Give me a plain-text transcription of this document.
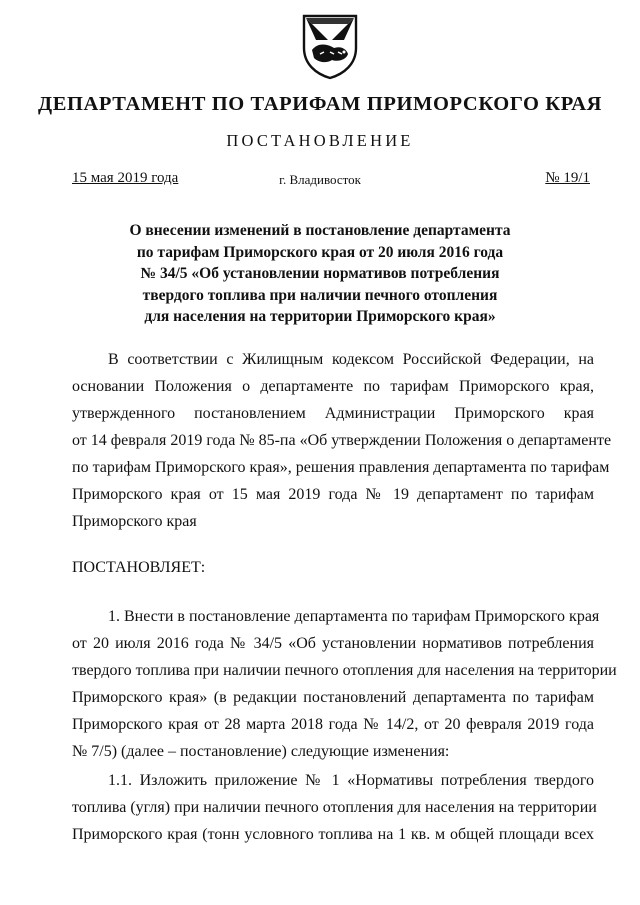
ДЕПАРТАМЕНТ ПО ТАРИФАМ ПРИМОРСКОГО КРАЯ
ПОСТАНОВЛЕНИЕ
15 мая 2019 года	г. Владивосток	№ 19/1
О внесении изменений в постановление департамента
по тарифам Приморского края от 20 июля 2016 года
№ 34/5 «Об установлении нормативов потребления
твердого топлива при наличии печного отопления
для населения на территории Приморского края»
В соответствии с Жилищным кодексом Российской Федерации, на
основании Положения о департаменте по тарифам Приморского края,
утвержденного постановлением Администрации Приморского края
от 14 февраля 2019 года № 85-па «Об утверждении Положения о департаменте
по тарифам Приморского края», решения правления департамента по тарифам
Приморского края от 15 мая 2019 года № 19 департамент по тарифам
Приморского края
ПОСТАНОВЛЯЕТ:
1. Внести в постановление департамента по тарифам Приморского края
от 20 июля 2016 года № 34/5 «Об установлении нормативов потребления
твердого топлива при наличии печного отопления для населения на территории
Приморского края» (в редакции постановлений департамента по тарифам
Приморского края от 28 марта 2018 года № 14/2, от 20 февраля 2019 года
№ 7/5) (далее – постановление) следующие изменения:
1.1. Изложить приложение № 1 «Нормативы потребления твердого
топлива (угля) при наличии печного отопления для населения на территории
Приморского края (тонн условного топлива на 1 кв. м общей площади всех
